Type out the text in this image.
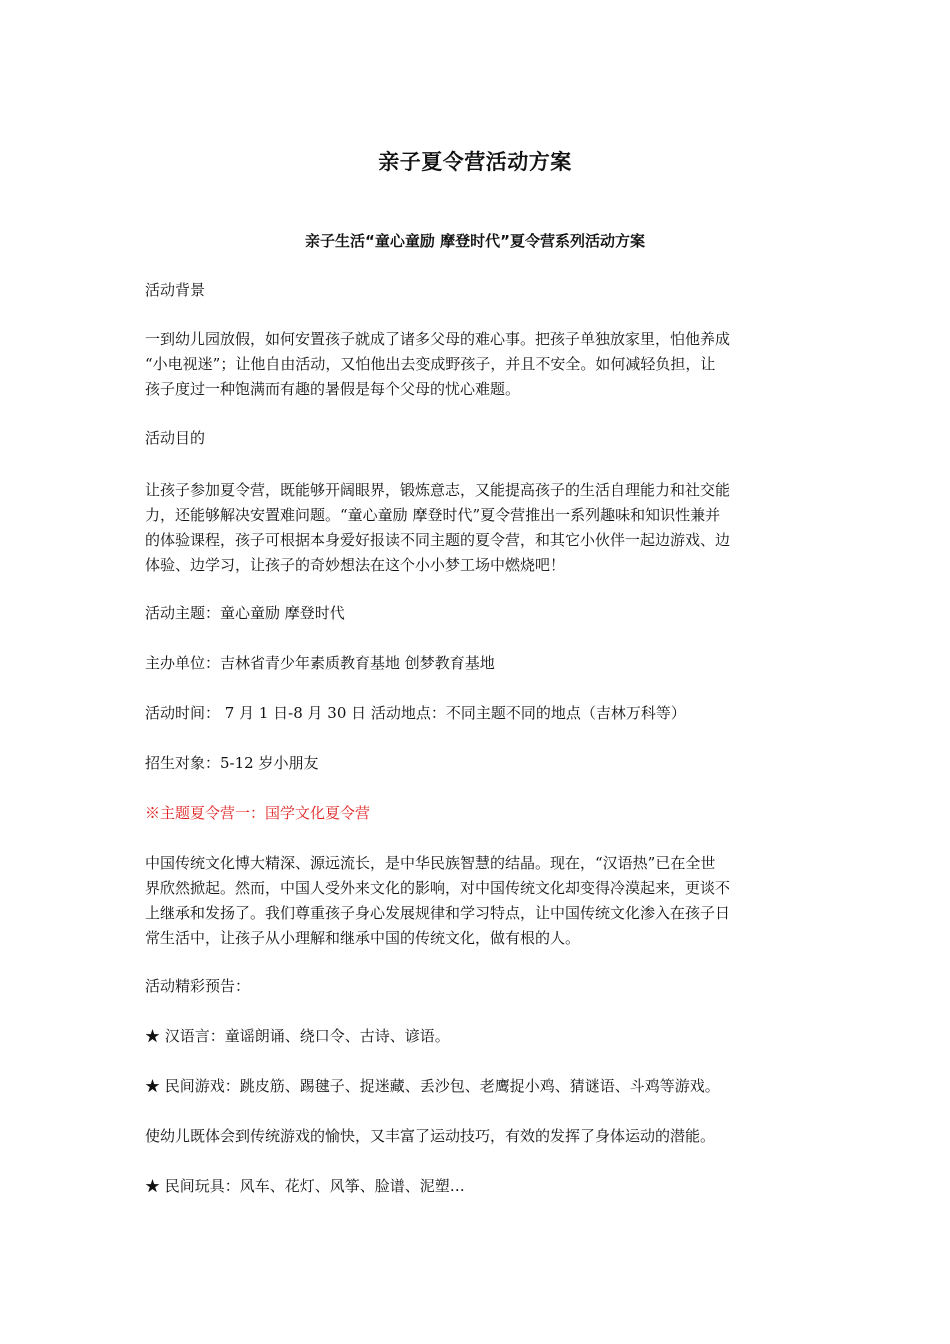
亲子夏令营活动方案
亲子生活“童心童励 摩登时代”夏令营系列活动方案
活动背景
一到幼儿园放假，如何安置孩子就成了诸多父母的难心事。把孩子单独放家里，怕他养成
“小电视迷”；让他自由活动，又怕他出去变成野孩子，并且不安全。如何减轻负担，让
孩子度过一种饱满而有趣的暑假是每个父母的忧心难题。
活动目的
让孩子参加夏令营，既能够开阔眼界，锻炼意志，又能提高孩子的生活自理能力和社交能
力，还能够解决安置难问题。“童心童励 摩登时代”夏令营推出一系列趣味和知识性兼并
的体验课程，孩子可根据本身爱好报读不同主题的夏令营，和其它小伙伴一起边游戏、边
体验、边学习，让孩子的奇妙想法在这个小小梦工场中燃烧吧！
活动主题：童心童励 摩登时代
主办单位：吉林省青少年素质教育基地 创梦教育基地
活动时间： 7 月 1 日-8 月 30 日 活动地点：不同主题不同的地点（吉林万科等）
招生对象：5-12 岁小朋友
※主题夏令营一：国学文化夏令营
中国传统文化博大精深、源远流长，是中华民族智慧的结晶。现在，“汉语热”已在全世
界欣然掀起。然而，中国人受外来文化的影响，对中国传统文化却变得冷漠起来，更谈不
上继承和发扬了。我们尊重孩子身心发展规律和学习特点，让中国传统文化渗入在孩子日
常生活中，让孩子从小理解和继承中国的传统文化，做有根的人。
活动精彩预告：
★ 汉语言：童谣朗诵、绕口令、古诗、谚语。
★ 民间游戏：跳皮筋、踢毽子、捉迷藏、丢沙包、老鹰捉小鸡、猜谜语、斗鸡等游戏。
使幼儿既体会到传统游戏的愉快，又丰富了运动技巧，有效的发挥了身体运动的潜能。
★ 民间玩具：风车、花灯、风筝、脸谱、泥塑…
